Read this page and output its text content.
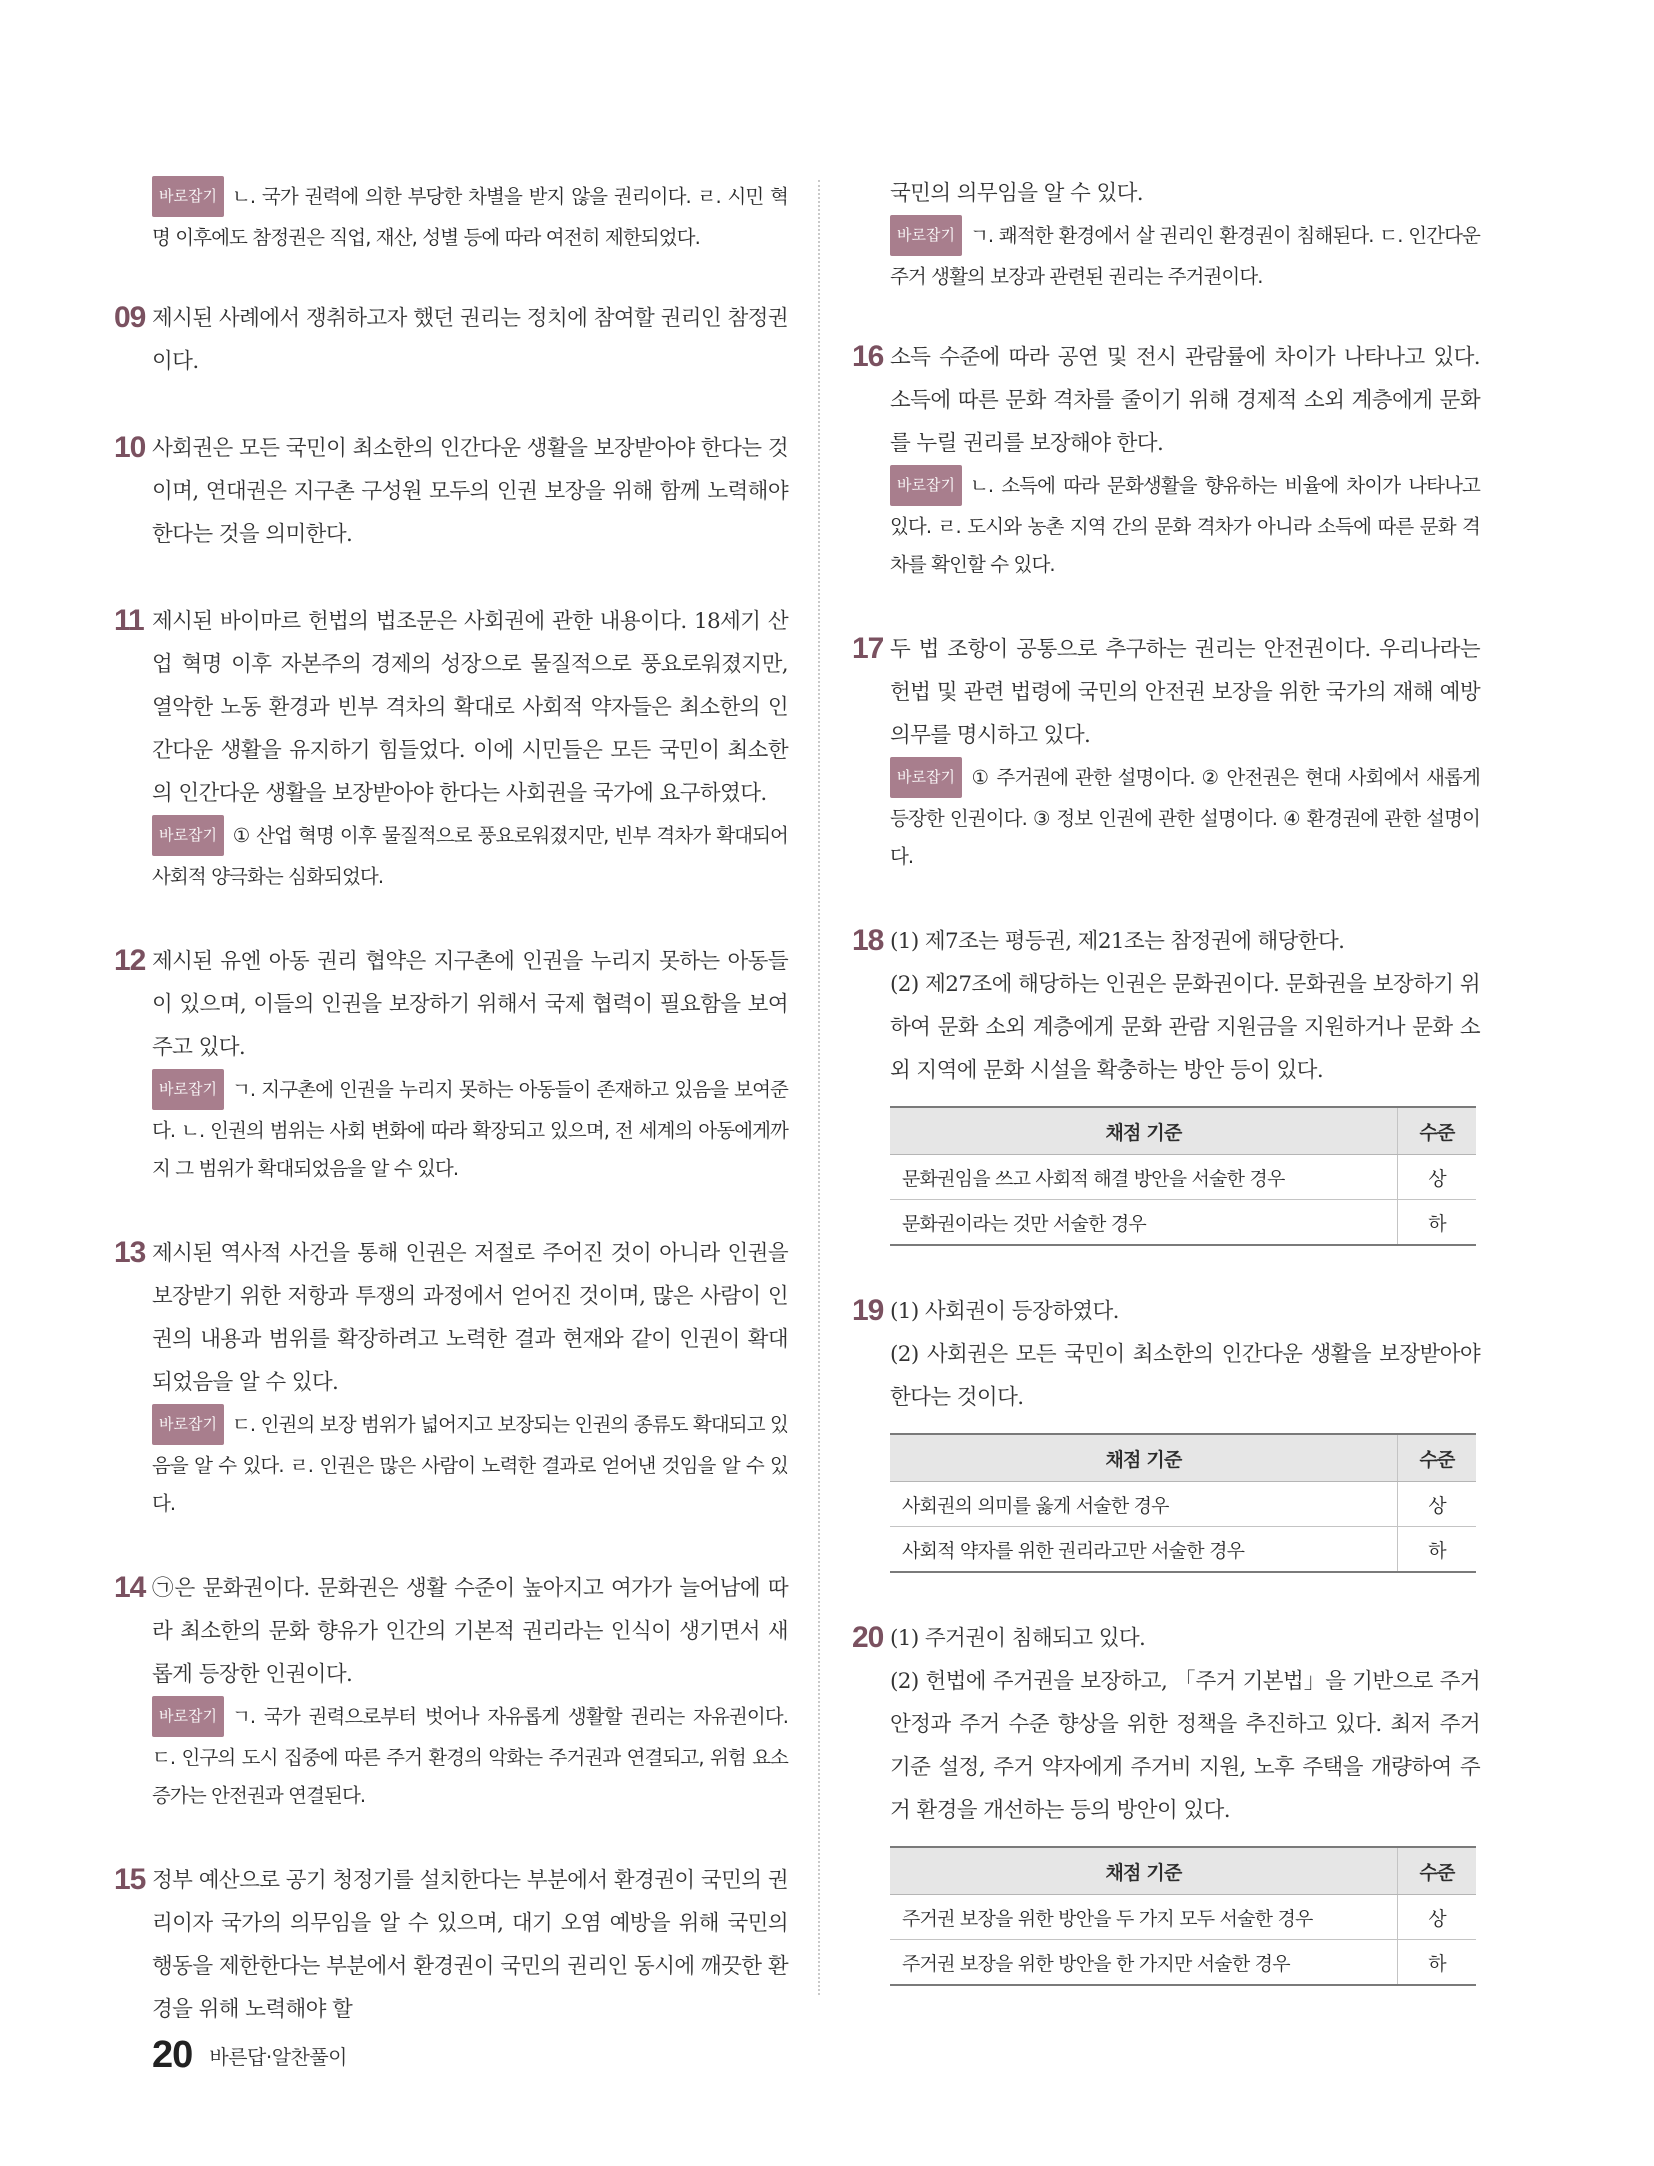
바로잡기 ㄴ. 국가 권력에 의한 부당한 차별을 받지 않을 권리이다. ㄹ. 시민 혁명 이후에도 참정권은 직업, 재산, 성별 등에 따라 여전히 제한되었다.

09 제시된 사례에서 쟁취하고자 했던 권리는 정치에 참여할 권리인 참정권이다.

10 사회권은 모든 국민이 최소한의 인간다운 생활을 보장받아야 한다는 것이며, 연대권은 지구촌 구성원 모두의 인권 보장을 위해 함께 노력해야 한다는 것을 의미한다.

11 제시된 바이마르 헌법의 법조문은 사회권에 관한 내용이다. 18세기 산업 혁명 이후 자본주의 경제의 성장으로 물질적으로 풍요로워졌지만, 열악한 노동 환경과 빈부 격차의 확대로 사회적 약자들은 최소한의 인간다운 생활을 유지하기 힘들었다. 이에 시민들은 모든 국민이 최소한의 인간다운 생활을 보장받아야 한다는 사회권을 국가에 요구하였다.

바로잡기 ① 산업 혁명 이후 물질적으로 풍요로워졌지만, 빈부 격차가 확대되어 사회적 양극화는 심화되었다.

12 제시된 유엔 아동 권리 협약은 지구촌에 인권을 누리지 못하는 아동들이 있으며, 이들의 인권을 보장하기 위해서 국제 협력이 필요함을 보여 주고 있다.

바로잡기 ㄱ. 지구촌에 인권을 누리지 못하는 아동들이 존재하고 있음을 보여준다. ㄴ. 인권의 범위는 사회 변화에 따라 확장되고 있으며, 전 세계의 아동에게까지 그 범위가 확대되었음을 알 수 있다.

13 제시된 역사적 사건을 통해 인권은 저절로 주어진 것이 아니라 인권을 보장받기 위한 저항과 투쟁의 과정에서 얻어진 것이며, 많은 사람이 인권의 내용과 범위를 확장하려고 노력한 결과 현재와 같이 인권이 확대되었음을 알 수 있다.

바로잡기 ㄷ. 인권의 보장 범위가 넓어지고 보장되는 인권의 종류도 확대되고 있음을 알 수 있다. ㄹ. 인권은 많은 사람이 노력한 결과로 얻어낸 것임을 알 수 있다.

14 ㉠은 문화권이다. 문화권은 생활 수준이 높아지고 여가가 늘어남에 따라 최소한의 문화 향유가 인간의 기본적 권리라는 인식이 생기면서 새롭게 등장한 인권이다.

바로잡기 ㄱ. 국가 권력으로부터 벗어나 자유롭게 생활할 권리는 자유권이다. ㄷ. 인구의 도시 집중에 따른 주거 환경의 악화는 주거권과 연결되고, 위험 요소 증가는 안전권과 연결된다.

15 정부 예산으로 공기 청정기를 설치한다는 부분에서 환경권이 국민의 권리이자 국가의 의무임을 알 수 있으며, 대기 오염 예방을 위해 국민의 행동을 제한한다는 부분에서 환경권이 국민의 권리인 동시에 깨끗한 환경을 위해 노력해야 할

국민의 의무임을 알 수 있다.

바로잡기 ㄱ. 쾌적한 환경에서 살 권리인 환경권이 침해된다. ㄷ. 인간다운 주거 생활의 보장과 관련된 권리는 주거권이다.

16 소득 수준에 따라 공연 및 전시 관람률에 차이가 나타나고 있다. 소득에 따른 문화 격차를 줄이기 위해 경제적 소외 계층에게 문화를 누릴 권리를 보장해야 한다.

바로잡기 ㄴ. 소득에 따라 문화생활을 향유하는 비율에 차이가 나타나고 있다. ㄹ. 도시와 농촌 지역 간의 문화 격차가 아니라 소득에 따른 문화 격차를 확인할 수 있다.

17 두 법 조항이 공통으로 추구하는 권리는 안전권이다. 우리나라는 헌법 및 관련 법령에 국민의 안전권 보장을 위한 국가의 재해 예방 의무를 명시하고 있다.

바로잡기 ① 주거권에 관한 설명이다. ② 안전권은 현대 사회에서 새롭게 등장한 인권이다. ③ 정보 인권에 관한 설명이다. ④ 환경권에 관한 설명이다.

18 (1) 제7조는 평등권, 제21조는 참정권에 해당한다.

(2) 제27조에 해당하는 인권은 문화권이다. 문화권을 보장하기 위하여 문화 소외 계층에게 문화 관람 지원금을 지원하거나 문화 소외 지역에 문화 시설을 확충하는 방안 등이 있다.

채점 기준	수준
문화권임을 쓰고 사회적 해결 방안을 서술한 경우	상
문화권이라는 것만 서술한 경우	하
19 (1) 사회권이 등장하였다.

(2) 사회권은 모든 국민이 최소한의 인간다운 생활을 보장받아야 한다는 것이다.

채점 기준	수준
사회권의 의미를 옳게 서술한 경우	상
사회적 약자를 위한 권리라고만 서술한 경우	하
20 (1) 주거권이 침해되고 있다.

(2) 헌법에 주거권을 보장하고, 「주거 기본법」을 기반으로 주거 안정과 주거 수준 향상을 위한 정책을 추진하고 있다. 최저 주거 기준 설정, 주거 약자에게 주거비 지원, 노후 주택을 개량하여 주거 환경을 개선하는 등의 방안이 있다.

채점 기준	수준
주거권 보장을 위한 방안을 두 가지 모두 서술한 경우	상
주거권 보장을 위한 방안을 한 가지만 서술한 경우	하
20 바른답·알찬풀이
